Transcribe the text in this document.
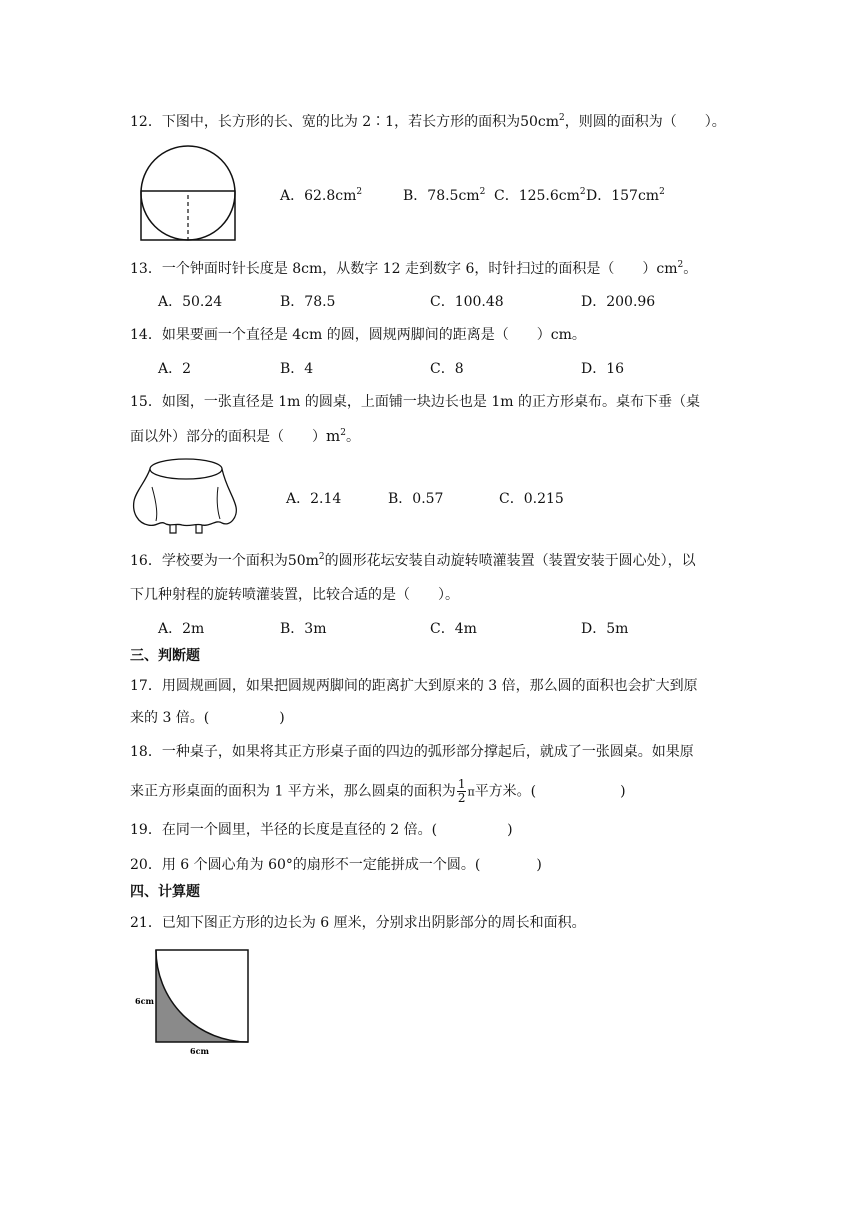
12．下图中，长方形的长、宽的比为 2∶1，若长方形的面积为$50cm^2$，则圆的面积为（　　）。
A．$62.8cm^2$	B．$78.5cm^2$ C．$125.6cm^2$ D．$157cm^2$
13．一个钟面时针长度是 8cm，从数字 12 走到数字 6，时针扫过的面积是（　　）$cm^2$。
A．50.24	B．78.5	C．100.48	D．200.96
14．如果要画一个直径是 4cm 的圆，圆规两脚间的距离是（　　）cm。
A．2	B．4	C．8	D．16
15．如图，一张直径是 1m 的圆桌，上面铺一块边长也是 1m 的正方形桌布。桌布下垂（桌
面以外）部分的面积是（　　）$m^2$。
A．2.14	B．0.57	C．0.215
16．学校要为一个面积为$50m^2$的圆形花坛安装自动旋转喷灌装置（装置安装于圆心处），以
下几种射程的旋转喷灌装置，比较合适的是（　　）。
A．2m	B．3m	C．4m	D．5m
三、判断题
17．用圆规画圆，如果把圆规两脚间的距离扩大到原来的 3 倍，那么圆的面积也会扩大到原
来的 3 倍。(　　　　　)
18．一种桌子，如果将其正方形桌子面的四边的弧形部分撑起后，就成了一张圆桌。如果原
来正方形桌面的面积为 1 平方米，那么圆桌的面积为 $\frac{1}{2}$ π平方米。(　　　　　　)
19．在同一个圆里，半径的长度是直径的 2 倍。(　　　　　)
20．用 6 个圆心角为 60°的扇形不一定能拼成一个圆。(　　　　)
四、计算题
21．已知下图正方形的边长为 6 厘米，分别求出阴影部分的周长和面积。
6cm
6cm
